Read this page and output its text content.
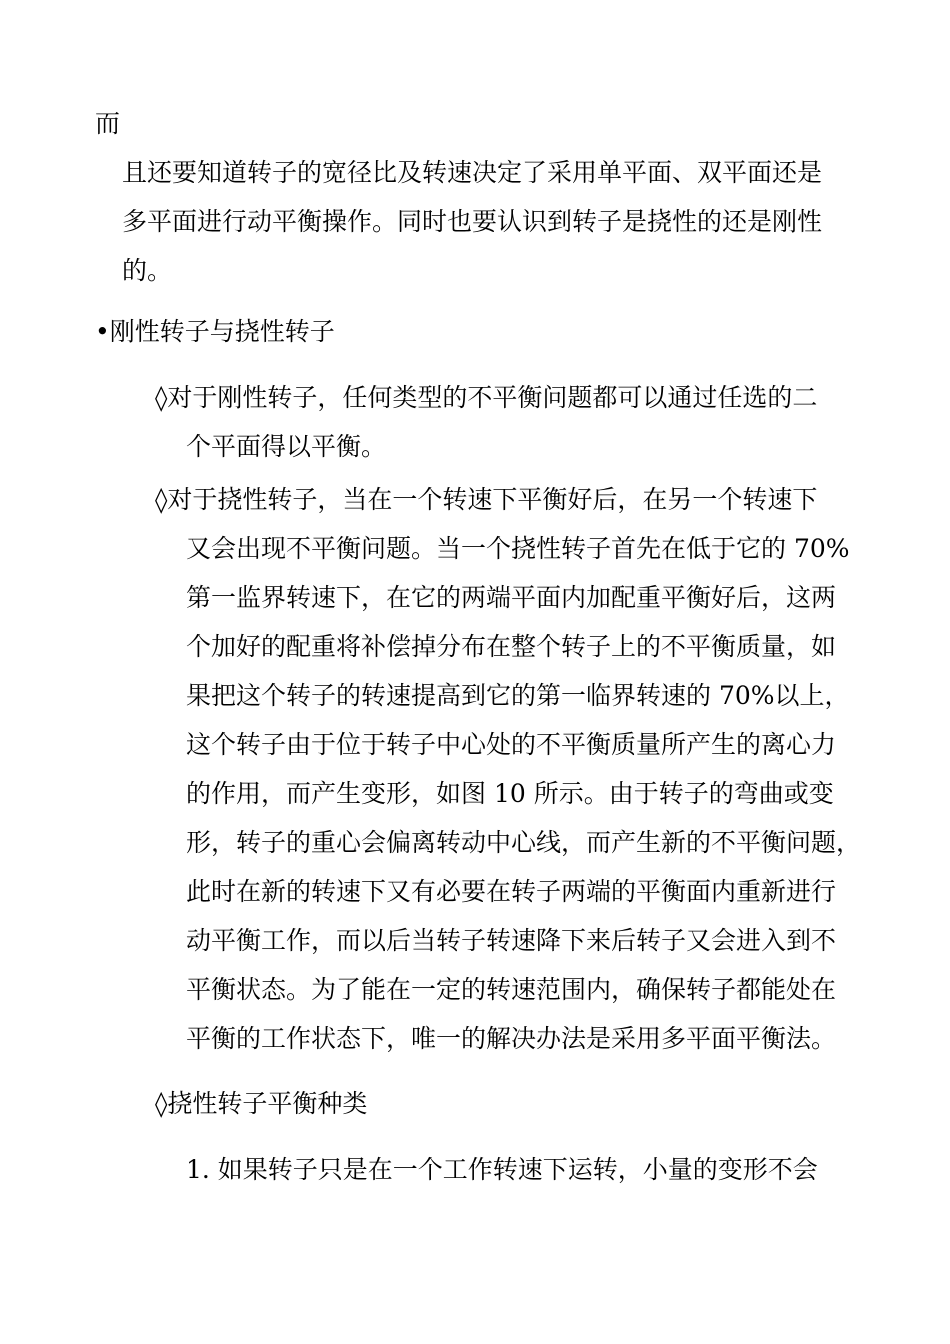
而
且还要知道转子的宽径比及转速决定了采用单平面、双平面还是
多平面进行动平衡操作。同时也要认识到转子是挠性的还是刚性
的。
•刚性转子与挠性转子
◊对于刚性转子，任何类型的不平衡问题都可以通过任选的二
个平面得以平衡。
◊对于挠性转子，当在一个转速下平衡好后，在另一个转速下
又会出现不平衡问题。当一个挠性转子首先在低于它的 70%
第一监界转速下，在它的两端平面内加配重平衡好后，这两
个加好的配重将补偿掉分布在整个转子上的不平衡质量，如
果把这个转子的转速提高到它的第一临界转速的 70%以上，
这个转子由于位于转子中心处的不平衡质量所产生的离心力
的作用，而产生变形，如图 10 所示。由于转子的弯曲或变
形，转子的重心会偏离转动中心线，而产生新的不平衡问题，
此时在新的转速下又有必要在转子两端的平衡面内重新进行
动平衡工作，而以后当转子转速降下来后转子又会进入到不
平衡状态。为了能在一定的转速范围内，确保转子都能处在
平衡的工作状态下，唯一的解决办法是采用多平面平衡法。
◊挠性转子平衡种类
1. 如果转子只是在一个工作转速下运转，小量的变形不会
